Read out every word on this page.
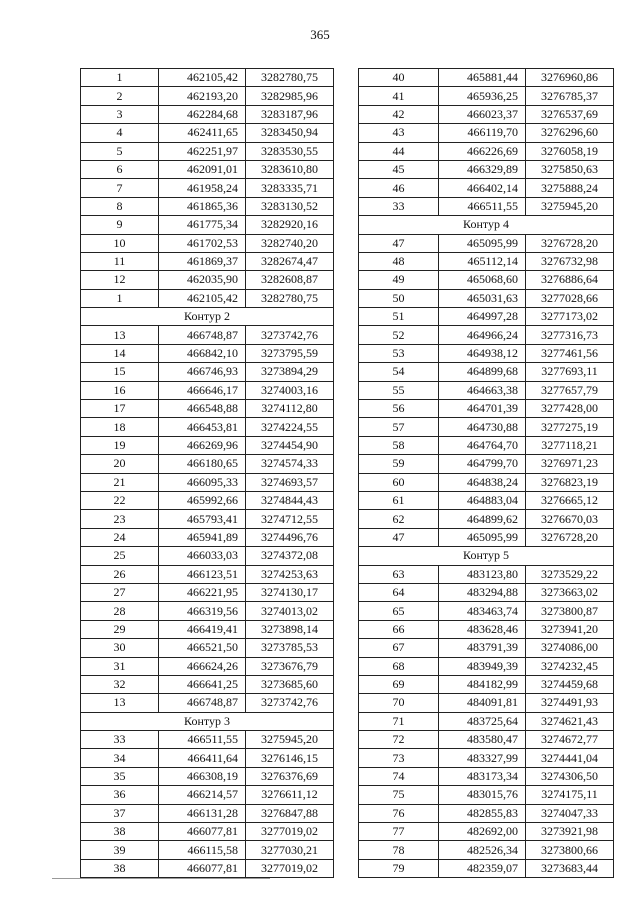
365
1	462105,42	3282780,75
2	462193,20	3282985,96
3	462284,68	3283187,96
4	462411,65	3283450,94
5	462251,97	3283530,55
6	462091,01	3283610,80
7	461958,24	3283335,71
8	461865,36	3283130,52
9	461775,34	3282920,16
10	461702,53	3282740,20
11	461869,37	3282674,47
12	462035,90	3282608,87
1	462105,42	3282780,75
Контур 2		
13	466748,87	3273742,76
14	466842,10	3273795,59
15	466746,93	3273894,29
16	466646,17	3274003,16
17	466548,88	3274112,80
18	466453,81	3274224,55
19	466269,96	3274454,90
20	466180,65	3274574,33
21	466095,33	3274693,57
22	465992,66	3274844,43
23	465793,41	3274712,55
24	465941,89	3274496,76
25	466033,03	3274372,08
26	466123,51	3274253,63
27	466221,95	3274130,17
28	466319,56	3274013,02
29	466419,41	3273898,14
30	466521,50	3273785,53
31	466624,26	3273676,79
32	466641,25	3273685,60
13	466748,87	3273742,76
Контур 3		
33	466511,55	3275945,20
34	466411,64	3276146,15
35	466308,19	3276376,69
36	466214,57	3276611,12
37	466131,28	3276847,88
38	466077,81	3277019,02
39	466115,58	3277030,21
38	466077,81	3277019,02
40	465881,44	3276960,86
41	465936,25	3276785,37
42	466023,37	3276537,69
43	466119,70	3276296,60
44	466226,69	3276058,19
45	466329,89	3275850,63
46	466402,14	3275888,24
33	466511,55	3275945,20
Контур 4		
47	465095,99	3276728,20
48	465112,14	3276732,98
49	465068,60	3276886,64
50	465031,63	3277028,66
51	464997,28	3277173,02
52	464966,24	3277316,73
53	464938,12	3277461,56
54	464899,68	3277693,11
55	464663,38	3277657,79
56	464701,39	3277428,00
57	464730,88	3277275,19
58	464764,70	3277118,21
59	464799,70	3276971,23
60	464838,24	3276823,19
61	464883,04	3276665,12
62	464899,62	3276670,03
47	465095,99	3276728,20
Контур 5		
63	483123,80	3273529,22
64	483294,88	3273663,02
65	483463,74	3273800,87
66	483628,46	3273941,20
67	483791,39	3274086,00
68	483949,39	3274232,45
69	484182,99	3274459,68
70	484091,81	3274491,93
71	483725,64	3274621,43
72	483580,47	3274672,77
73	483327,99	3274441,04
74	483173,34	3274306,50
75	483015,76	3274175,11
76	482855,83	3274047,33
77	482692,00	3273921,98
78	482526,34	3273800,66
79	482359,07	3273683,44
